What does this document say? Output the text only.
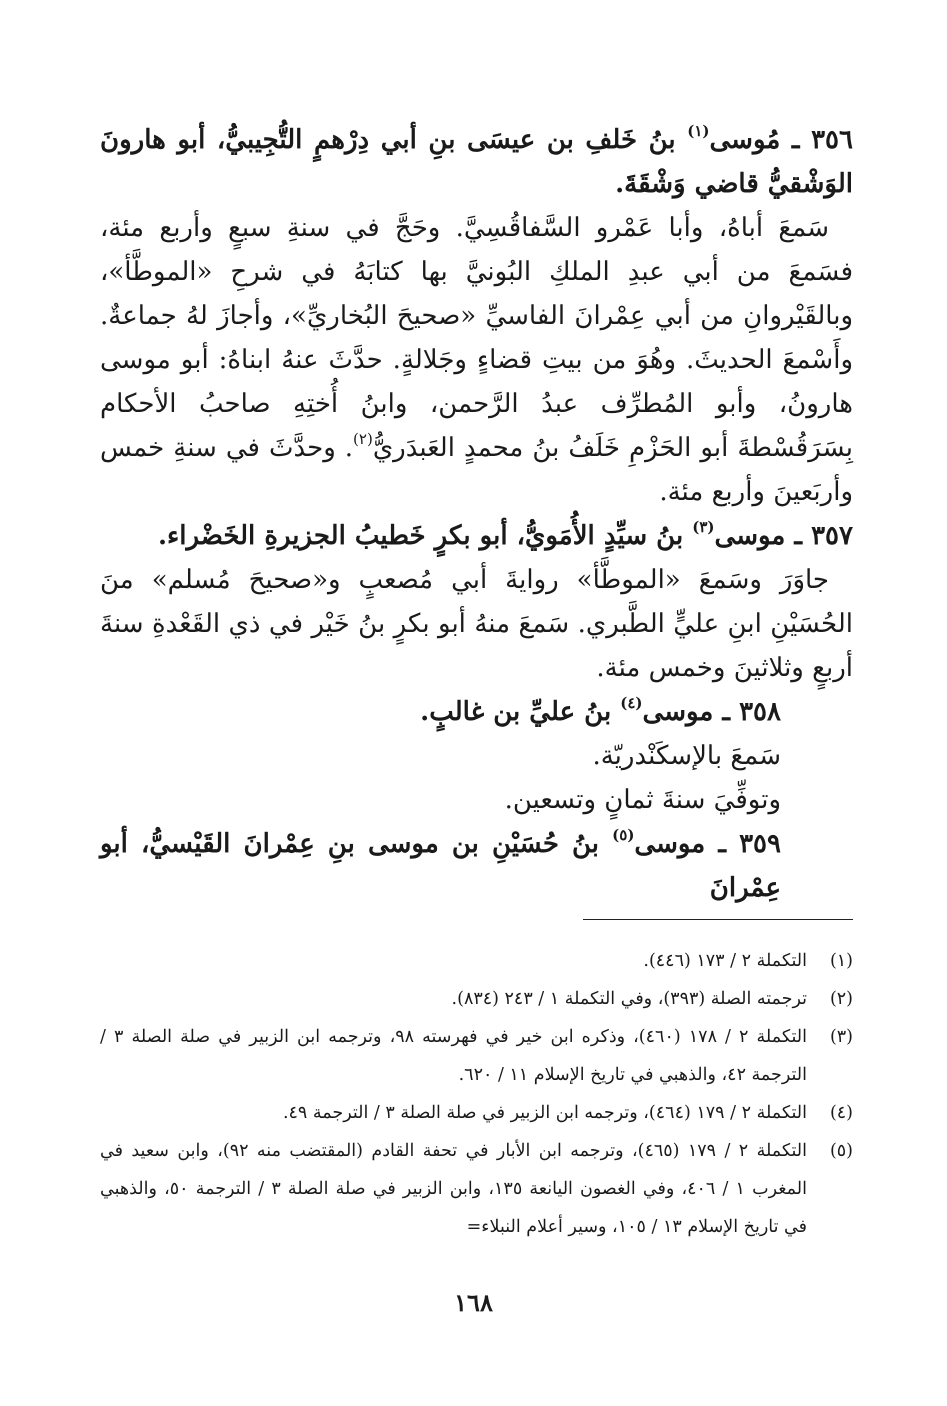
٣٥٦ ـ مُوسى$^{(١)}$ بنُ خَلفِ بن عيسَى بنِ أبي دِرْهمٍ التُّجِيبيُّ، أبو هارونَ الوَشْقيُّ قاضي وَشْقَةَ.

سَمعَ أباهُ، وأبا عَمْرو السَّفاقُسِيَّ. وحَجَّ في سنةِ سبعٍ وأربع مئة، فسَمعَ من أبي عبدِ الملكِ البُونيَّ بها كتابَهُ في شرحِ «الموطَّأ»، وبالقَيْروانِ من أبي عِمْرانَ الفاسيِّ «صحيحَ البُخاريِّ»، وأجازَ لهُ جماعةٌ. وأَسْمعَ الحديثَ. وهُوَ من بيتِ قضاءٍ وجَلالةٍ. حدَّثَ عنهُ ابناهُ: أبو موسى هارونُ، وأبو المُطرِّف عبدُ الرَّحمن، وابنُ أُختِهِ صاحبُ الأحكام بِسَرَقُسْطةَ أبو الحَزْمِ خَلَفُ بنُ محمدٍ العَبدَريُّ$^{(٢)}$. وحدَّثَ في سنةِ خمس وأربَعينَ وأربع مئة.

٣٥٧ ـ موسى$^{(٣)}$ بنُ سيِّدٍ الأُمَويُّ، أبو بكرٍ خَطيبُ الجزيرةِ الخَضْراء.

جاوَرَ وسَمعَ «الموطَّأ» روايةَ أبي مُصعبٍ و«صحيحَ مُسلم» منَ الحُسَيْنِ ابنِ عليٍّ الطَّبري. سَمعَ منهُ أبو بكرٍ بنُ خَيْر في ذي القَعْدةِ سنةَ أربعٍ وثلاثينَ وخمس مئة.

٣٥٨ ـ موسى$^{(٤)}$ بنُ عليِّ بن غالبٍ.

سَمعَ بالإسكَنْدريّة.

وتوفِّيَ سنةَ ثمانٍ وتسعين.

٣٥٩ ـ موسى$^{(٥)}$ بنُ حُسَيْنِ بن موسى بنِ عِمْرانَ القَيْسيُّ، أبو عِمْرانَ

(١)
التكملة ٢ / ١٧٣ (٤٤٦).
(٢)
ترجمته الصلة (٣٩٣)، وفي التكملة ١ / ٢٤٣ (٨٣٤).
(٣)
التكملة ٢ / ١٧٨ (٤٦٠)، وذكره ابن خير في فهرسته ٩٨، وترجمه ابن الزبير في صلة الصلة ٣ / الترجمة ٤٢، والذهبي في تاريخ الإسلام ١١ / ٦٢٠.
(٤)
التكملة ٢ / ١٧٩ (٤٦٤)، وترجمه ابن الزبير في صلة الصلة ٣ / الترجمة ٤٩.
(٥)
التكملة ٢ / ١٧٩ (٤٦٥)، وترجمه ابن الأبار في تحفة القادم (المقتضب منه ٩٢)، وابن سعيد في المغرب ١ / ٤٠٦، وفي الغصون اليانعة ١٣٥، وابن الزبير في صلة الصلة ٣ / الترجمة ٥٠، والذهبي في تاريخ الإسلام ١٣ / ١٠٥، وسير أعلام النبلاء=
١٦٨
